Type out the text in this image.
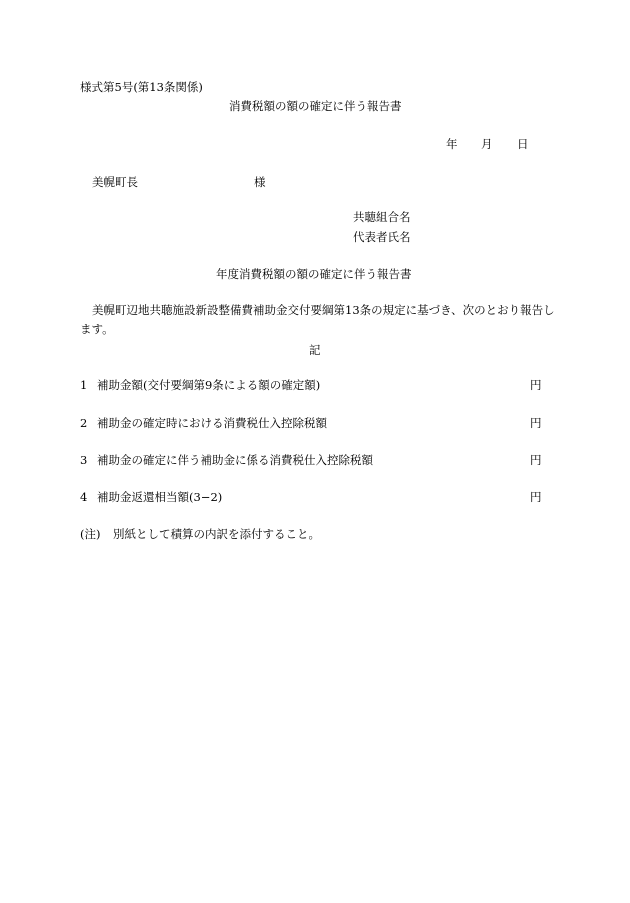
様式第5号(第13条関係)
消費税額の額の確定に伴う報告書
年 月 日
美幌町長	様
共聴組合名
代表者氏名
年度消費税額の額の確定に伴う報告書
美幌町辺地共聴施設新設整備費補助金交付要綱第13条の規定に基づき、次のとおり報告します。
記
1 補助金額(交付要綱第9条による額の確定額)	円
2 補助金の確定時における消費税仕入控除税額	円
3 補助金の確定に伴う補助金に係る消費税仕入控除税額	円
4 補助金返還相当額(3−2)	円
(注) 別紙として積算の内訳を添付すること。
